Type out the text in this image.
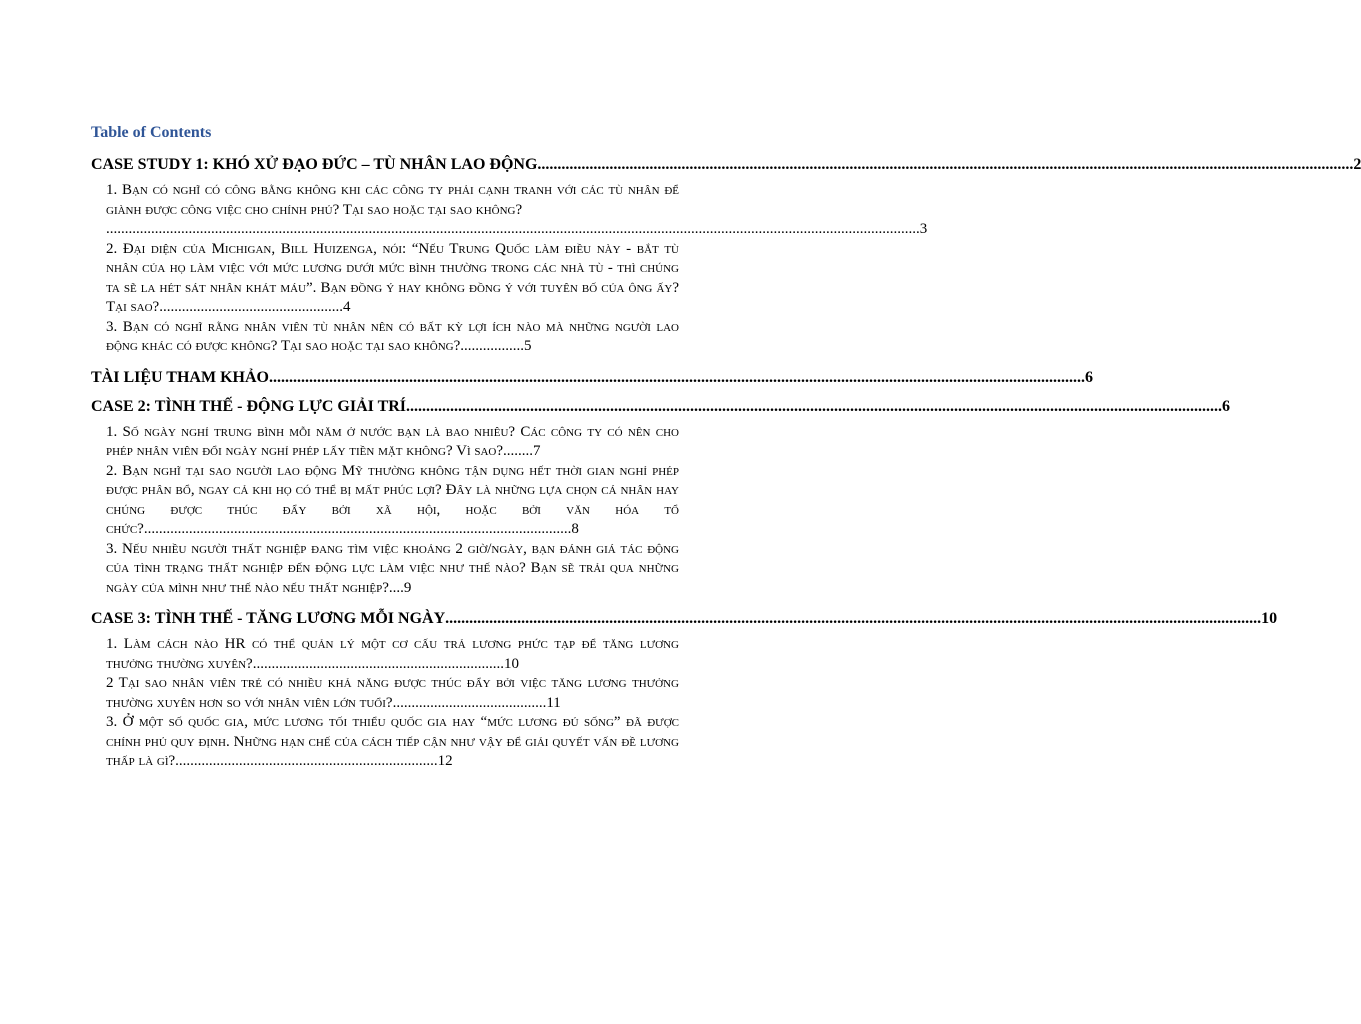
Table of Contents
CASE STUDY 1: KHÓ XỬ ĐẠO ĐỨC – TÙ NHÂN LAO ĐỘNG .....	2
1. Bạn có nghĩ có công bằng không khi các công ty phải cạnh tranh với các tù nhân để giành được công việc cho chính phủ? Tại sao hoặc tại sao không?
......................................................................................................................................................................................................................... 3
2. Đại diện của Michigan, Bill Huizenga, nói: “Nếu Trung Quốc làm điều này - bắt tù nhân của họ làm việc với mức lương dưới mức bình thường trong các nhà tù - thì chúng ta sẽ la hét sát nhân khát máu”. Bạn đồng ý hay không đồng ý với tuyên bố của ông ấy? Tại sao?.................................................4
3. Bạn có nghĩ rằng nhân viên tù nhân nên có bất kỳ lợi ích nào mà những người lao động khác có được không? Tại sao hoặc tại sao không?.................5
TÀI LIỆU THAM KHẢO .....	6
CASE 2: TÌNH THẾ - ĐỘNG LỰC GIẢI TRÍ .....	6
1. Số ngày nghỉ trung bình mỗi năm ở nước bạn là bao nhiêu? Các công ty có nên cho phép nhân viên đổi ngày nghỉ phép lấy tiền mặt không? Vì sao?........7
2. Bạn nghĩ tại sao người lao động Mỹ thường không tận dụng hết thời gian nghỉ phép được phân bổ, ngay cả khi họ có thể bị mất phúc lợi? Đây là những lựa chọn cá nhân hay chúng được thúc đẩy bởi xã hội, hoặc bởi văn hóa tổ chức?..................................................................................................................8
3. Nếu nhiều người thất nghiệp đang tìm việc khoảng 2 giờ/ngày, bạn đánh giá tác động của tình trạng thất nghiệp đến động lực làm việc như thế nào? Bạn sẽ trải qua những ngày của mình như thế nào nếu thất nghiệp?....9
CASE 3: TÌNH THẾ - TĂNG LƯƠNG MỖI NGÀY .....	10
1. Làm cách nào HR có thể quản lý một cơ cấu trả lương phức tạp để tăng lương thưởng thường xuyên?...................................................................10
2 Tại sao nhân viên trẻ có nhiều khả năng được thúc đẩy bởi việc tăng lương thưởng thường xuyên hơn so với nhân viên lớn tuổi?.........................................11
3. Ở một số quốc gia, mức lương tối thiểu quốc gia hay “mức lương đủ sống” đã được chính phủ quy định. Những hạn chế của cách tiếp cận như vậy để giải quyết vấn đề lương thấp là gì?......................................................................12
